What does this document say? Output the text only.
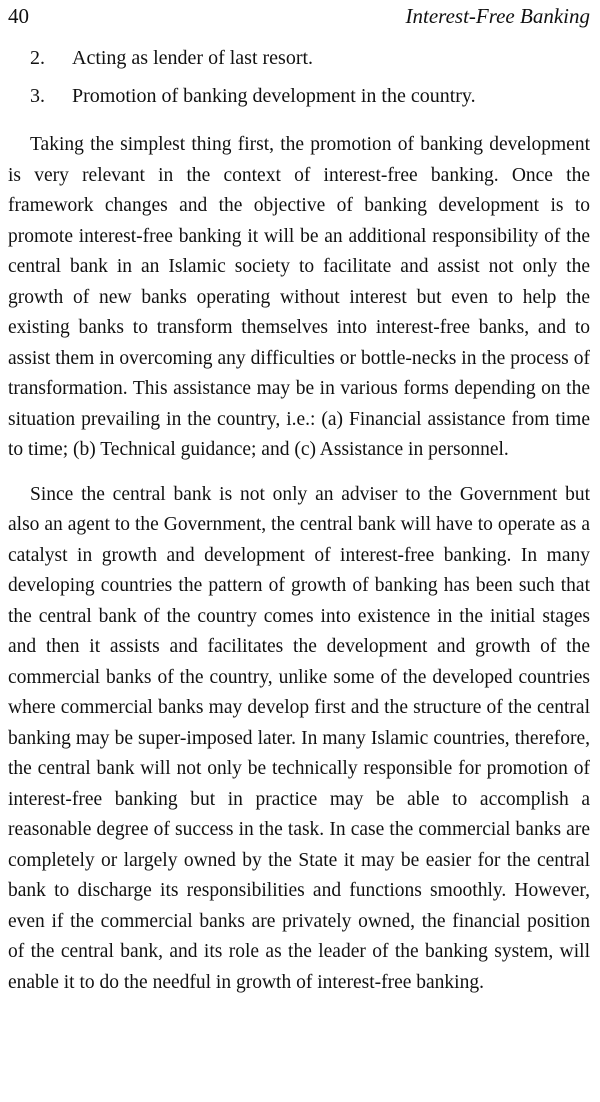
40	Interest-Free Banking
2. Acting as lender of last resort.
3. Promotion of banking development in the country.

Taking the simplest thing first, the promotion of banking development is very relevant in the context of interest-free banking. Once the framework changes and the objective of banking development is to promote interest-free banking it will be an additional responsibility of the central bank in an Islamic society to facilitate and assist not only the growth of new banks operating without interest but even to help the existing banks to transform themselves into interest-free banks, and to assist them in overcoming any difficulties or bottle-necks in the process of transformation. This assistance may be in various forms depending on the situation prevailing in the country, i.e.: (a) Financial assistance from time to time; (b) Technical guidance; and (c) Assistance in personnel.

Since the central bank is not only an adviser to the Government but also an agent to the Government, the central bank will have to operate as a catalyst in growth and development of interest-free banking. In many developing countries the pattern of growth of banking has been such that the central bank of the country comes into existence in the initial stages and then it assists and facilitates the development and growth of the commercial banks of the country, unlike some of the developed countries where commercial banks may develop first and the structure of the central banking may be super-imposed later. In many Islamic countries, therefore, the central bank will not only be technically responsible for promotion of interest-free banking but in practice may be able to accomplish a reasonable degree of success in the task. In case the commercial banks are completely or largely owned by the State it may be easier for the central bank to discharge its responsibilities and functions smoothly. However, even if the commercial banks are privately owned, the financial position of the central bank, and its role as the leader of the banking system, will enable it to do the needful in growth of interest-free banking.
